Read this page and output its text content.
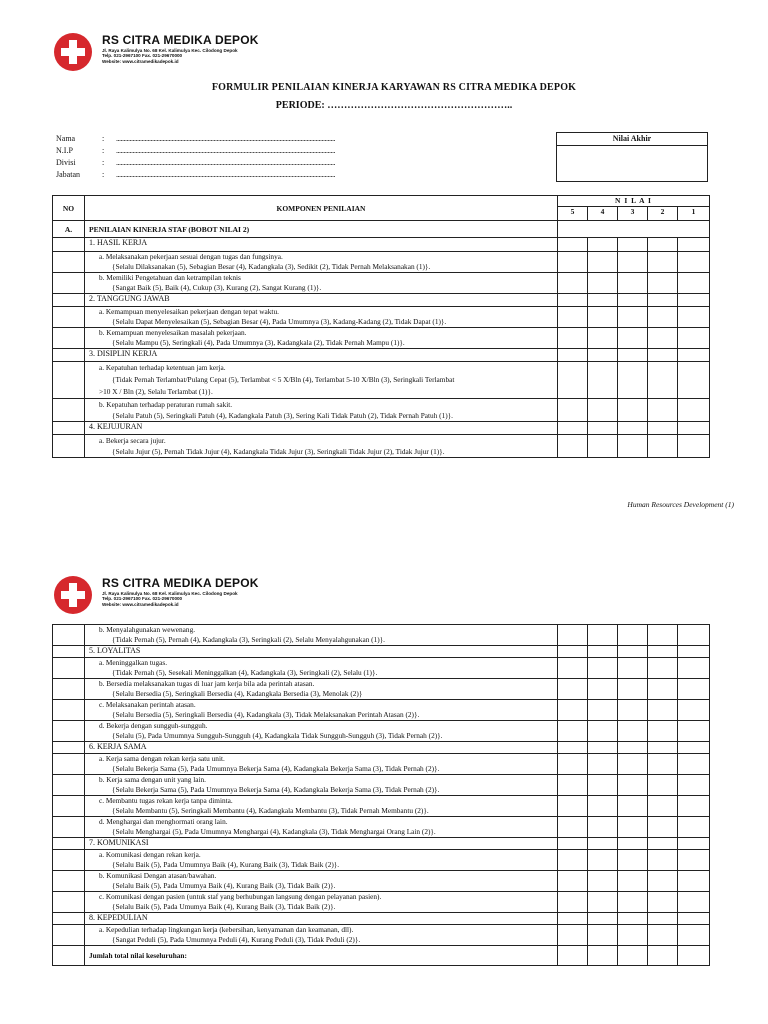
RS CITRA MEDIKA DEPOK
Jl. Raya Kalimulya No. 68 Kel. Kalimulya Kec. Cilodong Depok
Telp. 021-2967100 Fax. 021-29670000
Website: www.citramedikadepok.id
FORMULIR PENILAIAN KINERJA KARYAWAN RS CITRA MEDIKA DEPOK
PERIODE: ………………………………………………..
Nama	:	..................................................................................................................................................
N.I.P	:	..................................................................................................................................................
Divisi	:	..................................................................................................................................................
Jabatan	:	..................................................................................................................................................
Nilai Akhir
NO	KOMPONEN PENILAIAN	N I L A I				
		5	4	3	2	1
A.	PENILAIAN KINERJA STAF (BOBOT NILAI 2)					
	1. HASIL KERJA					

	a. Melaksanakan pekerjaan sesuai dengan tugas dan fungsinya.
{Selalu Dilaksanakan (5), Sebagian Besar (4), Kadangkala (3), Sedikit (2), Tidak Pernah Melaksanakan (1)}.					

	b. Memiliki Pengetahuan dan ketrampilan teknis
{Sangat Baik (5), Baik (4), Cukup (3), Kurang (2), Sangat Kurang (1)}.					

	2. TANGGUNG JAWAB					

	a. Kemampuan menyelesaikan pekerjaan dengan tepat waktu.
{Selalu Dapat Menyelesaikan (5), Sebagian Besar (4), Pada Umumnya (3), Kadang-Kadang (2), Tidak Dapat (1)}.					

	b. Kemampuan menyelesaikan masalah pekerjaan.
{Selalu Mampu (5), Seringkali (4), Pada Umumnya (3), Kadangkala (2), Tidak Pernah Mampu (1)}.					

	3. DISIPLIN KERJA					

	a. Kepatuhan terhadap ketentuan jam kerja.
{Tidak Pernah Terlambat/Pulang Cepat (5), Terlambat < 5 X/Bln (4), Terlambat 5-10 X/Bln (3), Seringkali Terlambat
>10 X / Bln (2), Selalu Terlambat (1)}.					

	b. Kepatuhan terhadap peraturan rumah sakit.
{Selalu Patuh (5), Seringkali Patuh (4), Kadangkala Patuh (3), Sering Kali Tidak Patuh (2), Tidak Pernah Patuh (1)}.					

	4. KEJUJURAN					

	a. Bekerja secara jujur.
{Selalu Jujur (5), Pernah Tidak Jujur (4), Kadangkala Tidak Jujur (3), Seringkali Tidak Jujur (2), Tidak Jujur (1)}.					

Human Resources Development (1)
RS CITRA MEDIKA DEPOK
Jl. Raya Kalimulya No. 68 Kel. Kalimulya Kec. Cilodong Depok
Telp. 021-2967100 Fax. 021-29670000
Website: www.citramedikadepok.id

	b. Menyalahgunakan wewenang.
{Tidak Pernah (5), Pernah (4), Kadangkala (3), Seringkali (2), Selalu Menyalahgunakan (1)}.					

	5. LOYALITAS					

	a. Meninggalkan tugas.
{Tidak Pernah (5), Sesekali Meninggalkan (4), Kadangkala (3), Seringkali (2), Selalu (1)}.					

	b. Bersedia melaksanakan tugas di luar jam kerja bila ada perintah atasan.
{Selalu Bersedia (5), Seringkali Bersedia (4), Kadangkala Bersedia (3), Menolak (2)}					

	c. Melaksanakan perintah atasan.
{Selalu Bersedia (5), Seringkali Bersedia (4), Kadangkala (3), Tidak Melaksanakan Perintah Atasan (2)}.					

	d. Bekerja dengan sungguh-sungguh.
{Selalu (5), Pada Umumnya Sungguh-Sungguh (4), Kadangkala Tidak Sungguh-Sungguh (3), Tidak Pernah (2)}.					

	6. KERJA SAMA					

	a. Kerja sama dengan rekan kerja satu unit.
{Selalu Bekerja Sama (5), Pada Umumnya Bekerja Sama (4), Kadangkala Bekerja Sama (3), Tidak Pernah (2)}.					

	b. Kerja sama dengan unit yang lain.
{Selalu Bekerja Sama (5), Pada Umumnya Bekerja Sama (4), Kadangkala Bekerja Sama (3), Tidak Pernah (2)}.					

	c. Membantu tugas rekan kerja tanpa diminta.
{Selalu Membantu (5), Seringkali Membantu (4), Kadangkala Membantu (3), Tidak Pernah Membantu (2)}.					

	d. Menghargai dan menghormati orang lain.
{Selalu Menghargai (5), Pada Umumnya Menghargai (4), Kadangkala (3), Tidak Menghargai Orang Lain (2)}.					

	7. KOMUNIKASI					

	a. Komunikasi dengan rekan kerja.
{Selalu Baik (5), Pada Umumnya Baik (4), Kurang Baik (3), Tidak Baik (2)}.					

	b. Komunikasi Dengan atasan/bawahan.
{Selalu Baik (5), Pada Umumya Baik (4), Kurang Baik (3), Tidak Baik (2)}.					

	c. Komunikasi dengan pasien (untuk staf yang berhubungan langsung dengan pelayanan pasien).
{Selalu Baik (5), Pada Umumya Baik (4), Kurang Baik (3), Tidak Baik (2)}.					

	8. KEPEDULIAN					

	a. Kepedulian terhadap lingkungan kerja (kebersihan, kenyamanan dan keamanan, dll).
{Sangat Peduli (5), Pada Umumnya Peduli (4), Kurang Peduli (3), Tidak Peduli (2)}.					

	Jumlah total nilai keseluruhan:					
